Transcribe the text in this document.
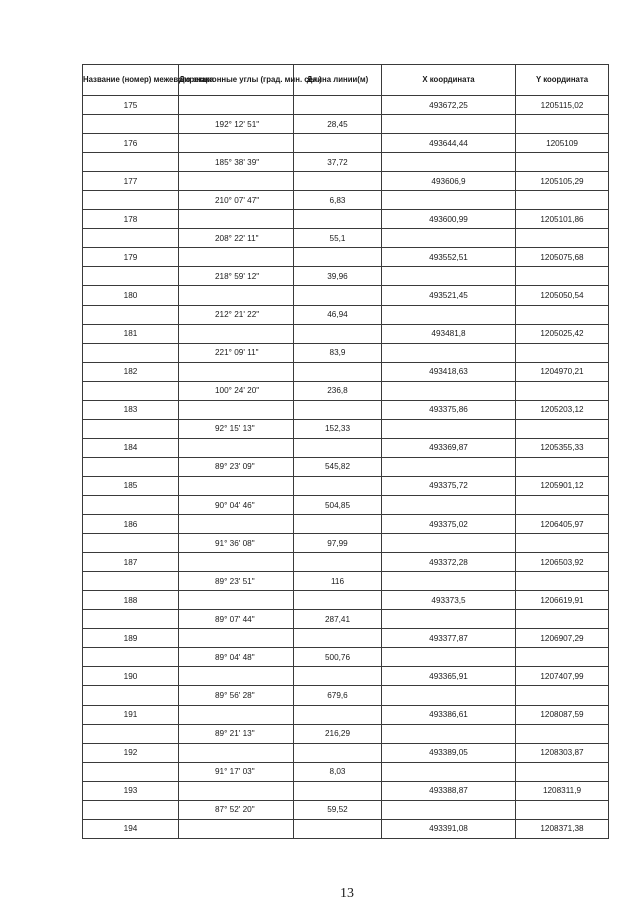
Название (номер) межевого знака	Дирекционные углы (град. мин. сек.)	Длина линии(м)	X координата	Y координата
175			493672,25	1205115,02
	192° 12' 51"	28,45		
176			493644,44	1205109
	185° 38' 39"	37,72		
177			493606,9	1205105,29
	210° 07' 47"	6,83		
178			493600,99	1205101,86
	208° 22' 11"	55,1		
179			493552,51	1205075,68
	218° 59' 12"	39,96		
180			493521,45	1205050,54
	212° 21' 22"	46,94		
181			493481,8	1205025,42
	221° 09' 11"	83,9		
182			493418,63	1204970,21
	100° 24' 20"	236,8		
183			493375,86	1205203,12
	92° 15' 13"	152,33		
184			493369,87	1205355,33
	89° 23' 09"	545,82		
185			493375,72	1205901,12
	90° 04' 46"	504,85		
186			493375,02	1206405,97
	91° 36' 08"	97,99		
187			493372,28	1206503,92
	89° 23' 51"	116		
188			493373,5	1206619,91
	89° 07' 44"	287,41		
189			493377,87	1206907,29
	89° 04' 48"	500,76		
190			493365,91	1207407,99
	89° 56' 28"	679,6		
191			493386,61	1208087,59
	89° 21' 13"	216,29		
192			493389,05	1208303,87
	91° 17' 03"	8,03		
193			493388,87	1208311,9
	87° 52' 20"	59,52		
194			493391,08	1208371,38
13
